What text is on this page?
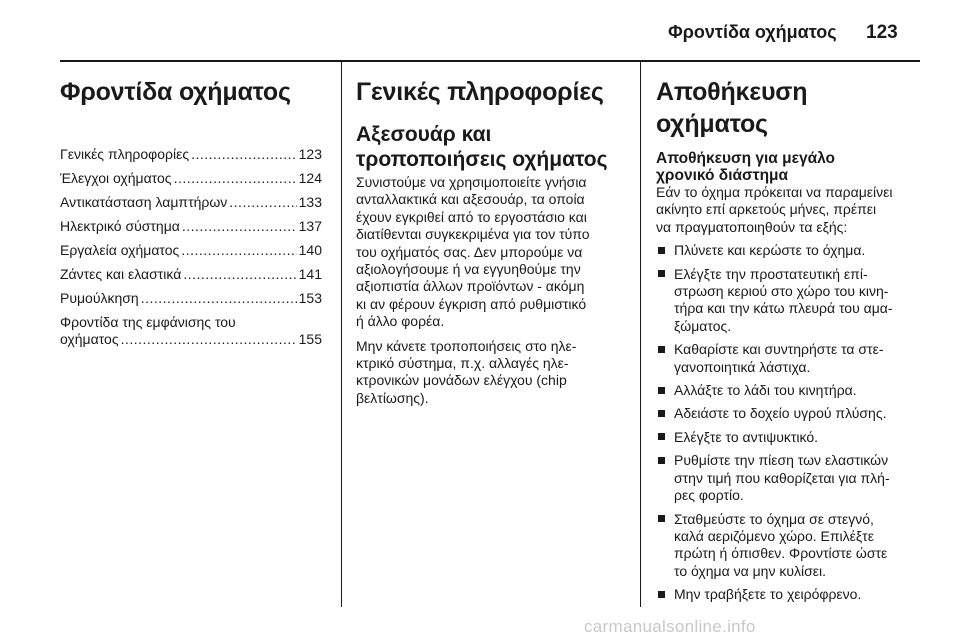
Φροντίδα οχήματος 123
Φροντίδα οχήματος
Γενικές πληροφορίες .....	123
Έλεγχοι οχήματος .....	124
Αντικατάσταση λαμπτήρων .....	133
Ηλεκτρικό σύστημα .....	137
Εργαλεία οχήματος .....	140
Ζάντες και ελαστικά .....	141
Ρυμούλκηση .....	153
Φροντίδα της εμφάνισης του
οχήματος .....	155
Γενικές πληροφορίες
Αξεσουάρ και
τροποποιήσεις οχήματος

Συνιστούμε να χρησιμοποιείτε γνήσια
ανταλλακτικά και αξεσουάρ, τα οποία
έχουν εγκριθεί από το εργοστάσιο και
διατίθενται συγκεκριμένα για τον τύπο
του οχήματός σας. Δεν μπορούμε να
αξιολογήσουμε ή να εγγυηθούμε την
αξιοπιστία άλλων προϊόντων - ακόμη
κι αν φέρουν έγκριση από ρυθμιστικό
ή άλλο φορέα.

Μην κάνετε τροποποιήσεις στο ηλε-
κτρικό σύστημα, π.χ. αλλαγές ηλε-
κτρονικών μονάδων ελέγχου (chip
βελτίωσης).

Αποθήκευση οχήματος
Αποθήκευση για μεγάλο
χρονικό διάστημα

Εάν το όχημα πρόκειται να παραμείνει
ακίνητο επί αρκετούς μήνες, πρέπει
να πραγματοποιηθούν τα εξής:

Πλύνετε και κερώστε το όχημα.
Ελέγξτε την προστατευτική επί-
στρωση κεριού στο χώρο του κινη-
τήρα και την κάτω πλευρά του αμα-
ξώματος.
Καθαρίστε και συντηρήστε τα στε-
γανοποιητικά λάστιχα.
Αλλάξτε το λάδι του κινητήρα.
Αδειάστε το δοχείο υγρού πλύσης.
Ελέγξτε το αντιψυκτικό.
Ρυθμίστε την πίεση των ελαστικών
στην τιμή που καθορίζεται για πλή-
ρες φορτίο.
Σταθμεύστε το όχημα σε στεγνό,
καλά αεριζόμενο χώρο. Επιλέξτε
πρώτη ή όπισθεν. Φροντίστε ώστε
το όχημα να μην κυλίσει.
Μην τραβήξετε το χειρόφρενο.
carmanualsonline.info
